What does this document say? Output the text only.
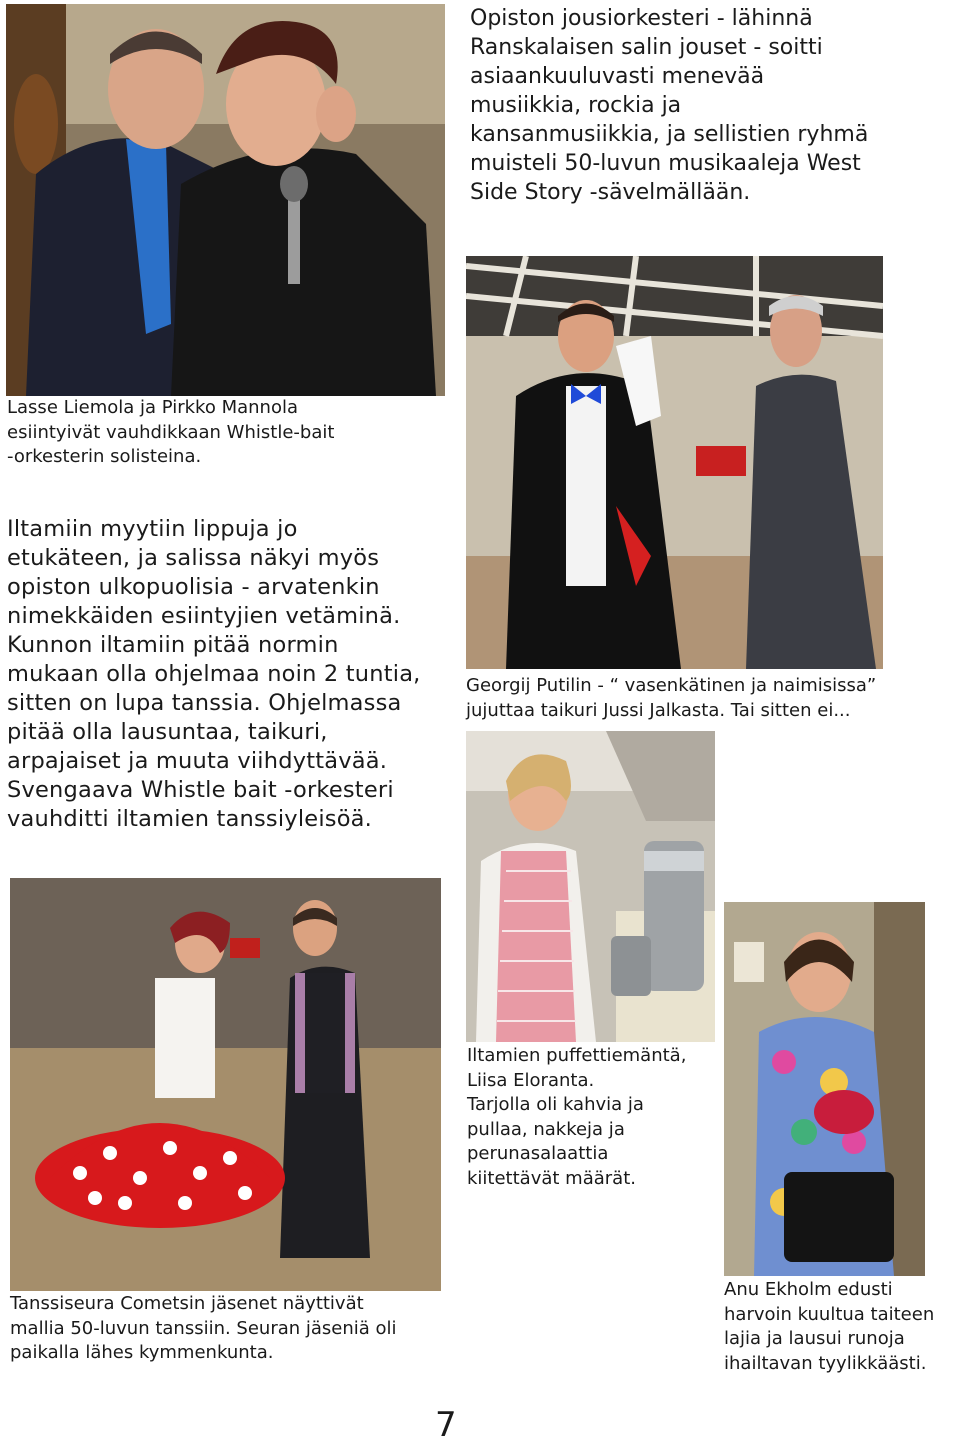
Opiston jousiorkesteri - lähinnä
Ranskalaisen salin jouset - soitti
asiaankuuluvasti menevää
musiikkia, rockia ja
kansanmusiikkia, ja sellistien ryhmä
muisteli 50-luvun musikaaleja West
Side Story -sävelmällään.

Lasse Liemola ja Pirkko Mannola
esiintyivät vauhdikkaan Whistle-bait
-orkesterin solisteina.

Georgij Putilin - “ vasenkätinen ja naimisissa”
jujuttaa taikuri Jussi Jalkasta. Tai sitten ei...

Iltamiin myytiin lippuja jo
etukäteen, ja salissa näkyi myös
opiston ulkopuolisia - arvatenkin
nimekkäiden esiintyjien vetäminä.
Kunnon iltamiin pitää normin
mukaan olla ohjelmaa noin 2 tuntia,
sitten on lupa tanssia. Ohjelmassa
pitää olla lausuntaa, taikuri,
arpajaiset ja muuta viihdyttävää.
Svengaava Whistle bait -orkesteri
vauhditti iltamien tanssiyleisöä.

Iltamien puffettiemäntä,
Liisa Eloranta.
Tarjolla oli kahvia ja
pullaa, nakkeja ja
perunasalaattia
kiitettävät määrät.

Tanssiseura Cometsin jäsenet näyttivät
mallia 50-luvun tanssiin. Seuran jäseniä oli
paikalla lähes kymmenkunta.

Anu Ekholm edusti
harvoin kuultua taiteen
lajia ja lausui runoja
ihailtavan tyylikkäästi.

7
